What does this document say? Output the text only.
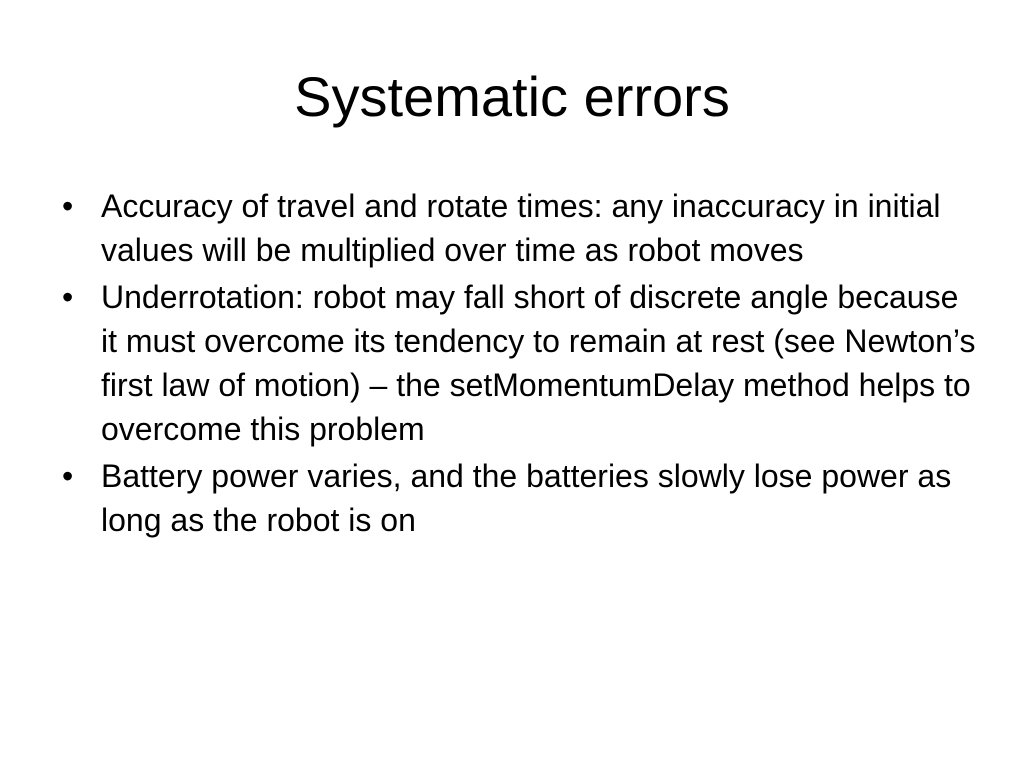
Systematic errors
• Accuracy of travel and rotate times: any inaccuracy in initial values will be multiplied over time as robot moves
• Underrotation: robot may fall short of discrete angle because it must overcome its tendency to remain at rest (see Newton’s first law of motion) – the setMomentumDelay method helps to overcome this problem
• Battery power varies, and the batteries slowly lose power as long as the robot is on
